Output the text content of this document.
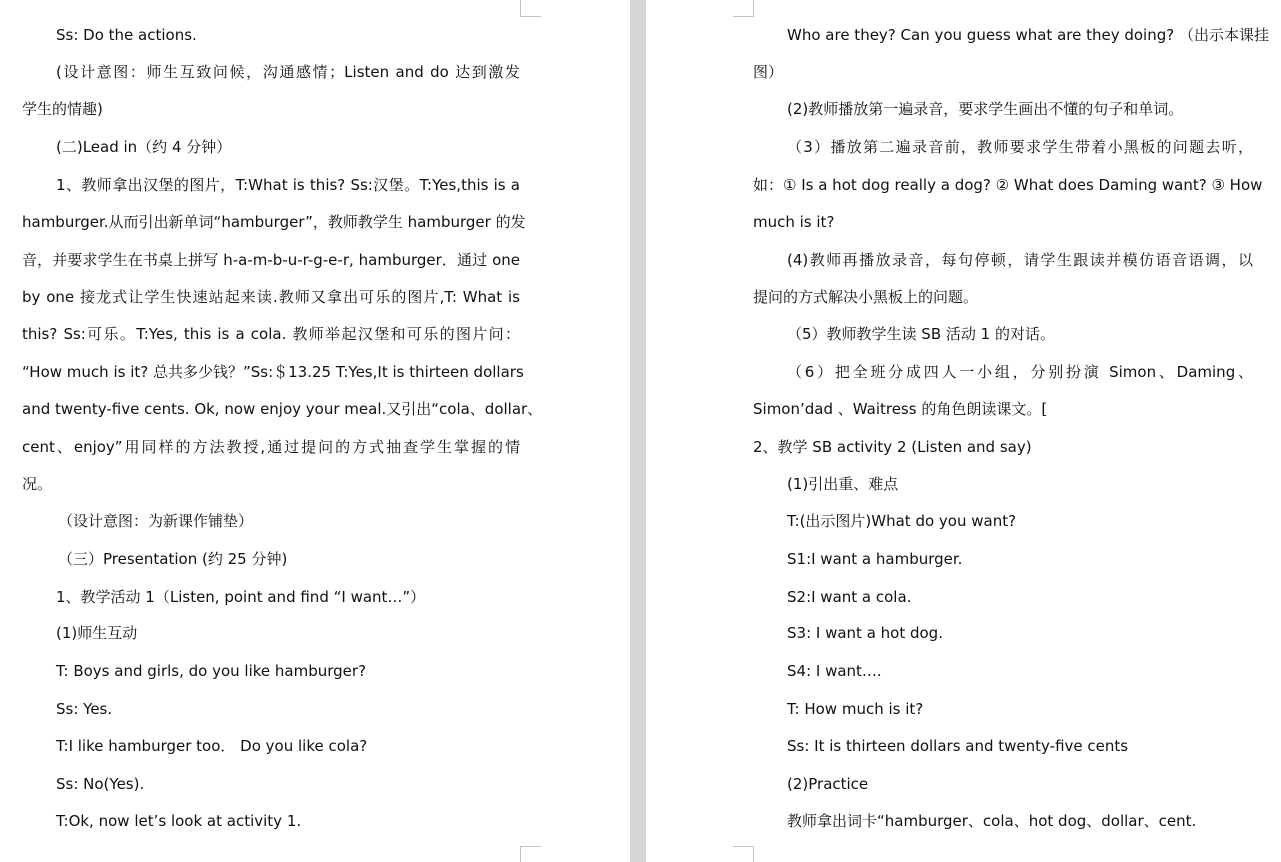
Ss: Do the actions.
(设计意图：师生互致问候，沟通感情；Listen and do 达到激发
学生的情趣)
(二)Lead in（约 4 分钟）
1、教师拿出汉堡的图片，T:What is this? Ss:汉堡。T:Yes,this is a
hamburger.从而引出新单词“hamburger”，教师教学生 hamburger 的发
音，并要求学生在书桌上拼写 h-a-m-b-u-r-g-e-r, hamburger．通过 one
by one 接龙式让学生快速站起来读.教师又拿出可乐的图片,T: What is
this? Ss:可乐。T:Yes, this is a cola. 教师举起汉堡和可乐的图片问：
“How much is it? 总共多少钱？”Ss:＄13.25 T:Yes,It is thirteen dollars
and twenty-five cents. Ok, now enjoy your meal.又引出“cola、dollar、
cent、enjoy”用同样的方法教授,通过提问的方式抽查学生掌握的情
况。
（设计意图：为新课作铺垫）
（三）Presentation (约 25 分钟)
1、教学活动 1（Listen, point and find “I want…”）
(1)师生互动
T: Boys and girls, do you like hamburger?
Ss: Yes.
T:I like hamburger too． Do you like cola?
Ss: No(Yes).
T:Ok, now let’s look at activity 1.
Who are they? Can you guess what are they doing? （出示本课挂
图）
(2)教师播放第一遍录音，要求学生画出不懂的句子和单词。
（3）播放第二遍录音前，教师要求学生带着小黑板的问题去听，
如：① Is a hot dog really a dog? ② What does Daming want? ③ How
much is it?
(4)教师再播放录音，每句停顿，请学生跟读并模仿语音语调，以
提问的方式解决小黑板上的问题。
（5）教师教学生读 SB 活动 1 的对话。
（6）把全班分成四人一小组，分别扮演 Simon、Daming、
Simon’dad 、Waitress 的角色朗读课文。[
2、教学 SB activity 2 (Listen and say)
(1)引出重、难点
T:(出示图片)What do you want?
S1:I want a hamburger.
S2:I want a cola.
S3: I want a hot dog.
S4: I want….
T: How much is it?
Ss: It is thirteen dollars and twenty-five cents
(2)Practice
教师拿出词卡“hamburger、cola、hot dog、dollar、cent.
